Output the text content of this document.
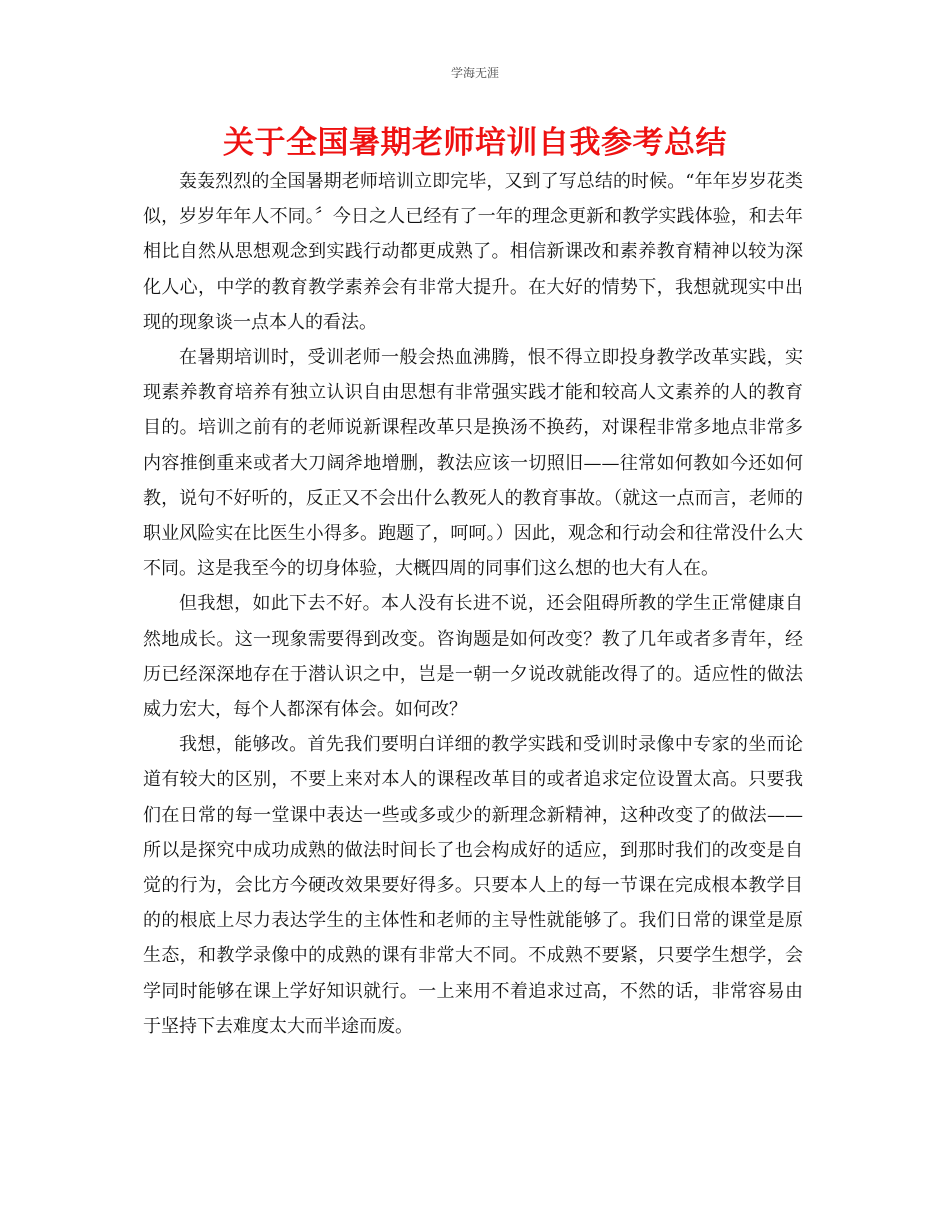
学海无涯
关于全国暑期老师培训自我参考总结

轰轰烈烈的全国暑期老师培训立即完毕，又到了写总结的时候。“年年岁岁花类似，岁岁年年人不同。〞今日之人已经有了一年的理念更新和教学实践体验，和去年相比自然从思想观念到实践行动都更成熟了。相信新课改和素养教育精神以较为深化人心，中学的教育教学素养会有非常大提升。在大好的情势下，我想就现实中出现的现象谈一点本人的看法。

在暑期培训时，受训老师一般会热血沸腾，恨不得立即投身教学改革实践，实现素养教育培养有独立认识自由思想有非常强实践才能和较高人文素养的人的教育目的。培训之前有的老师说新课程改革只是换汤不换药，对课程非常多地点非常多内容推倒重来或者大刀阔斧地增删，教法应该一切照旧——往常如何教如今还如何教，说句不好听的，反正又不会出什么教死人的教育事故。（就这一点而言，老师的职业风险实在比医生小得多。跑题了，呵呵。）因此，观念和行动会和往常没什么大不同。这是我至今的切身体验，大概四周的同事们这么想的也大有人在。

但我想，如此下去不好。本人没有长进不说，还会阻碍所教的学生正常健康自然地成长。这一现象需要得到改变。咨询题是如何改变？教了几年或者多青年，经历已经深深地存在于潜认识之中，岂是一朝一夕说改就能改得了的。适应性的做法威力宏大，每个人都深有体会。如何改？

我想，能够改。首先我们要明白详细的教学实践和受训时录像中专家的坐而论道有较大的区别，不要上来对本人的课程改革目的或者追求定位设置太高。只要我们在日常的每一堂课中表达一些或多或少的新理念新精神，这种改变了的做法——所以是探究中成功成熟的做法时间长了也会构成好的适应，到那时我们的改变是自觉的行为，会比方今硬改效果要好得多。只要本人上的每一节课在完成根本教学目的的根底上尽力表达学生的主体性和老师的主导性就能够了。我们日常的课堂是原生态，和教学录像中的成熟的课有非常大不同。不成熟不要紧，只要学生想学，会学同时能够在课上学好知识就行。一上来用不着追求过高，不然的话，非常容易由于坚持下去难度太大而半途而废。
